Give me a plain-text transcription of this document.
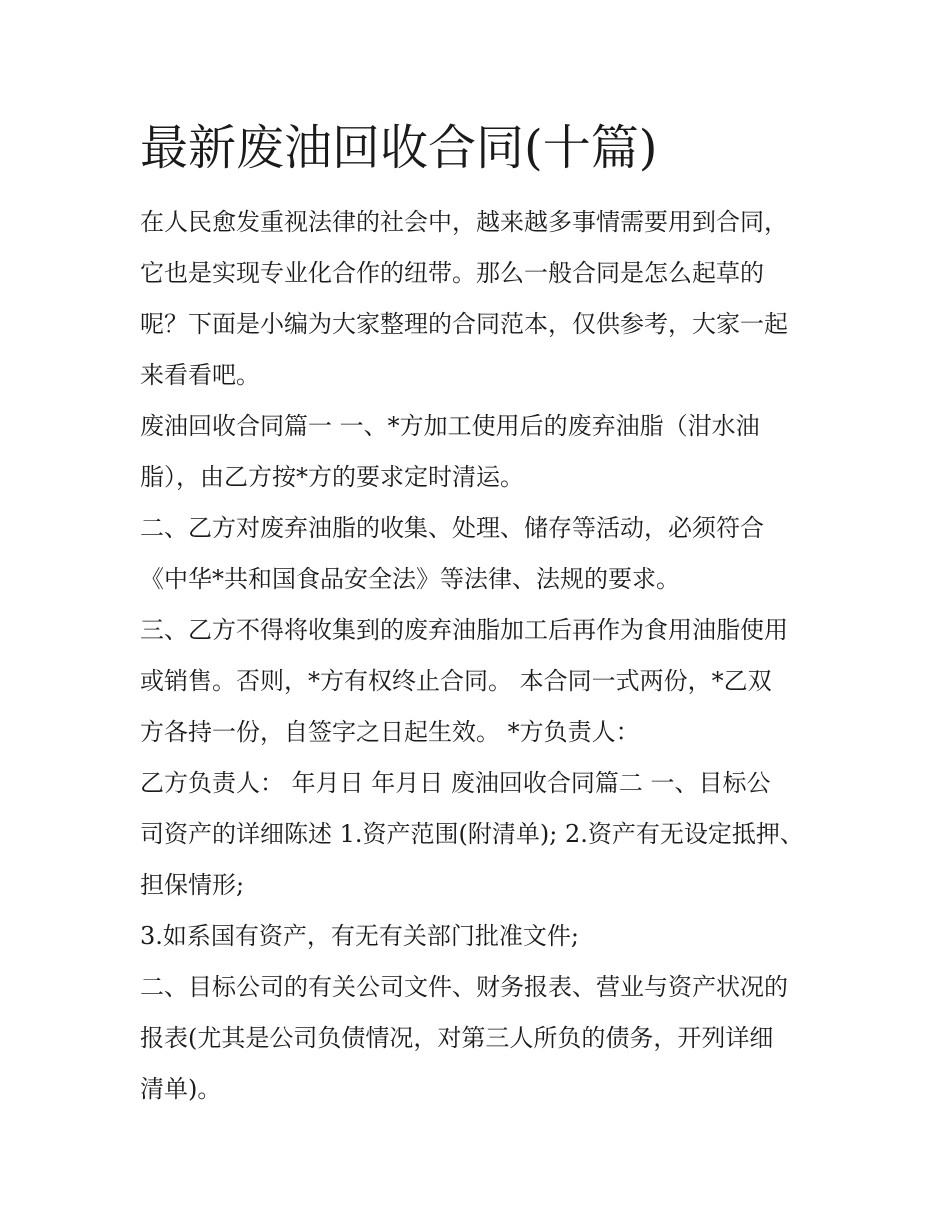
最新废油回收合同(十篇)

在人民愈发重视法律的社会中，越来越多事情需要用到合同，
它也是实现专业化合作的纽带。那么一般合同是怎么起草的
呢？下面是小编为大家整理的合同范本，仅供参考，大家一起
来看看吧。

废油回收合同篇一 一、*方加工使用后的废弃油脂（泔水油
脂），由乙方按*方的要求定时清运。

二、乙方对废弃油脂的收集、处理、储存等活动，必须符合
《中华*共和国食品安全法》等法律、法规的要求。

三、乙方不得将收集到的废弃油脂加工后再作为食用油脂使用
或销售。否则，*方有权终止合同。 本合同一式两份，*乙双
方各持一份，自签字之日起生效。 *方负责人：

乙方负责人： 年月日 年月日 废油回收合同篇二 一、目标公
司资产的详细陈述 1.资产范围(附清单); 2.资产有无设定抵押、
担保情形;

3.如系国有资产，有无有关部门批准文件;

二、目标公司的有关公司文件、财务报表、营业与资产状况的
报表(尤其是公司负债情况，对第三人所负的债务，开列详细
清单)。
